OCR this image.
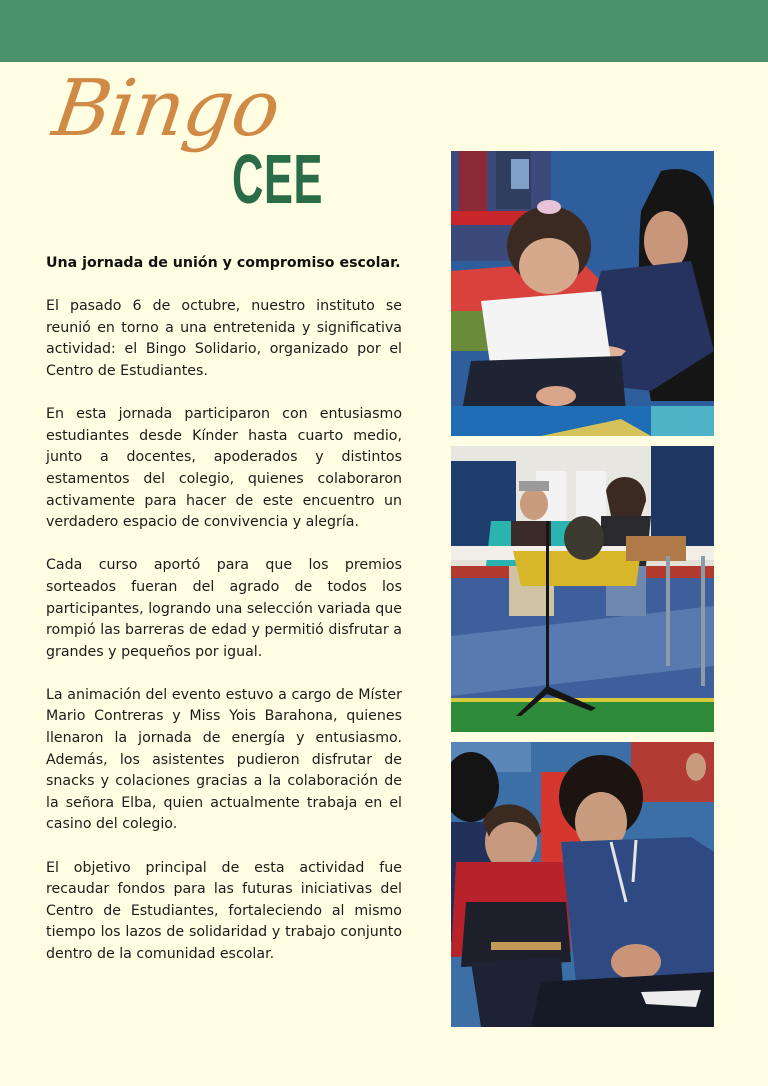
Bingo
CEE
Una jornada de unión y compromiso escolar.

El pasado 6 de octubre, nuestro instituto se reunió en torno a una entretenida y significativa actividad: el Bingo Solidario, organizado por el Centro de Estudiantes.

En esta jornada participaron con entusiasmo estudiantes desde Kínder hasta cuarto medio, junto a docentes, apoderados y distintos estamentos del colegio, quienes colaboraron activamente para hacer de este encuentro un verdadero espacio de convivencia y alegría.

Cada curso aportó para que los premios sorteados fueran del agrado de todos los participantes, logrando una selección variada que rompió las barreras de edad y permitió disfrutar a grandes y pequeños por igual.

La animación del evento estuvo a cargo de Míster Mario Contreras y Miss Yois Barahona, quienes llenaron la jornada de energía y entusiasmo. Además, los asistentes pudieron disfrutar de snacks y colaciones gracias a la colaboración de la señora Elba, quien actualmente trabaja en el casino del colegio.

El objetivo principal de esta actividad fue recaudar fondos para las futuras iniciativas del Centro de Estudiantes, fortaleciendo al mismo tiempo los lazos de solidaridad y trabajo conjunto dentro de la comunidad escolar.
